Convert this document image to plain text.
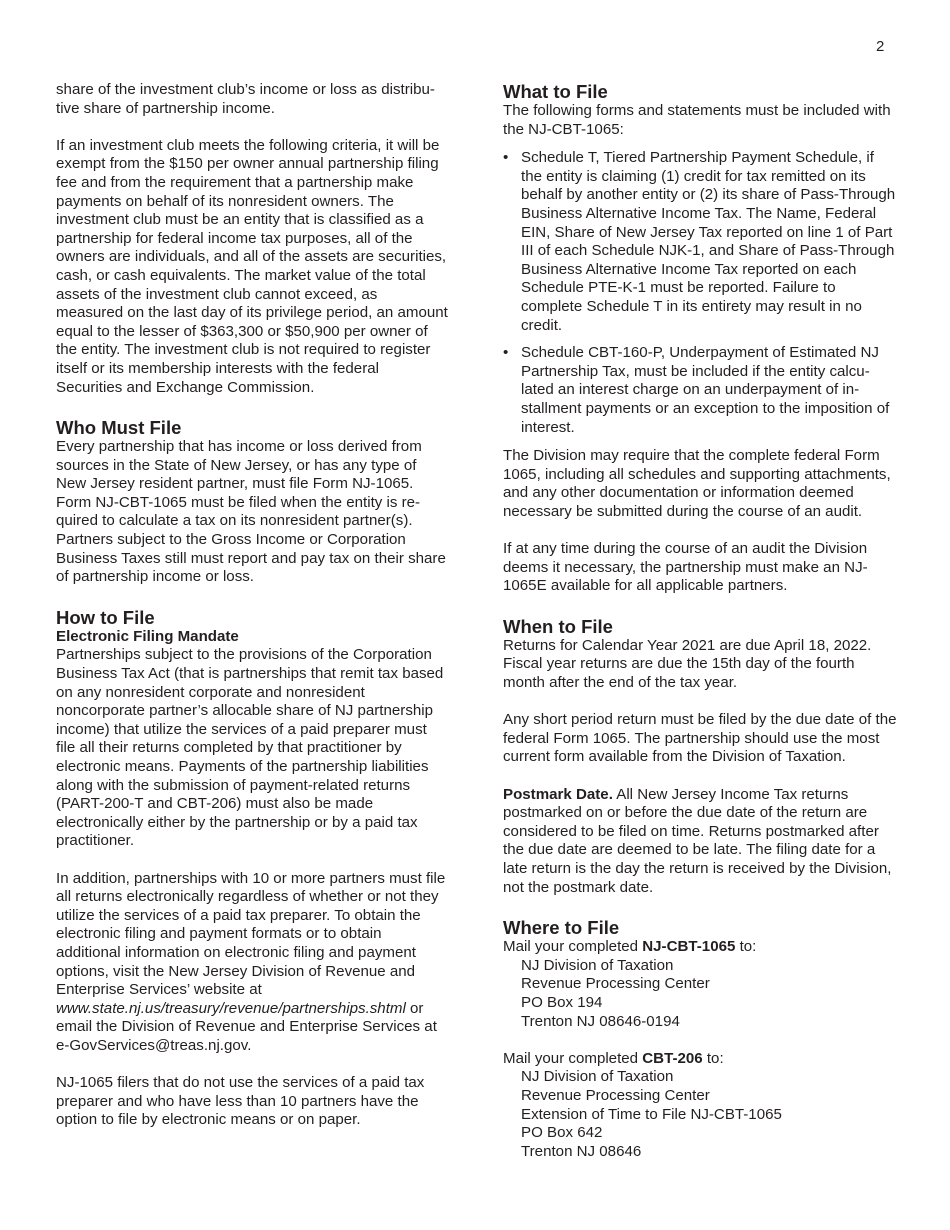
2

share of the investment club’s income or loss as distributive share of partnership income.

If an investment club meets the following criteria, it will be exempt from the $150 per owner annual partnership filing fee and from the requirement that a partnership make payments on behalf of its nonresident owners. The investment club must be an entity that is classified as a partnership for federal income tax purposes, all of the owners are individuals, and all of the assets are securities, cash, or cash equivalents. The market value of the total assets of the investment club cannot exceed, as measured on the last day of its privilege period, an amount equal to the lesser of $363,300 or $50,900 per owner of the entity. The investment club is not required to register itself or its membership interests with the federal Securities and Exchange Commission.

Who Must File

Every partnership that has income or loss derived from sources in the State of New Jersey, or has any type of New Jersey resident partner, must file Form NJ-1065. Form NJ-CBT-1065 must be filed when the entity is required to calculate a tax on its nonresident partner(s). Partners subject to the Gross Income or Corporation Business Taxes still must report and pay tax on their share of partnership income or loss.

How to File
Electronic Filing Mandate

Partnerships subject to the provisions of the Corporation Business Tax Act (that is partnerships that remit tax based on any nonresident corporate and nonresident noncorporate partner’s allocable share of NJ partnership income) that utilize the services of a paid preparer must file all their returns completed by that practitioner by electronic means. Payments of the partnership liabilities along with the submission of payment-related returns (PART-200-T and CBT-206) must also be made electronically either by the partnership or by a paid tax practitioner.

In addition, partnerships with 10 or more partners must file all returns electronically regardless of whether or not they utilize the services of a paid tax preparer. To obtain the electronic filing and payment formats or to obtain additional information on electronic filing and payment options, visit the New Jersey Division of Revenue and Enterprise Services’ website at www.state.nj.us/treasury/revenue/partnerships.shtml or email the Division of Revenue and Enterprise Services at e-GovServices@treas.nj.gov.

NJ-1065 filers that do not use the services of a paid tax preparer and who have less than 10 partners have the option to file by electronic means or on paper.

What to File

The following forms and statements must be included with the NJ-CBT-1065:

• Schedule T, Tiered Partnership Payment Schedule, if the entity is claiming (1) credit for tax remitted on its behalf by another entity or (2) its share of Pass-Through Business Alternative Income Tax. The Name, Federal EIN, Share of New Jersey Tax reported on line 1 of Part III of each Schedule NJK-1, and Share of Pass-Through Business Alternative Income Tax reported on each Schedule PTE-K-1 must be reported. Failure to complete Schedule T in its entirety may result in no credit.
• Schedule CBT-160-P, Underpayment of Estimated NJ Partnership Tax, must be included if the entity calculated an interest charge on an underpayment of installment payments or an exception to the imposition of interest.

The Division may require that the complete federal Form 1065, including all schedules and supporting attachments, and any other documentation or information deemed necessary be submitted during the course of an audit.

If at any time during the course of an audit the Division deems it necessary, the partnership must make an NJ-1065E available for all applicable partners.

When to File

Returns for Calendar Year 2021 are due April 18, 2022. Fiscal year returns are due the 15th day of the fourth month after the end of the tax year.

Any short period return must be filed by the due date of the federal Form 1065. The partnership should use the most current form available from the Division of Taxation.

Postmark Date. All New Jersey Income Tax returns postmarked on or before the due date of the return are considered to be filed on time. Returns postmarked after the due date are deemed to be late. The filing date for a late return is the day the return is received by the Division, not the postmark date.

Where to File

Mail your completed NJ-CBT-1065 to:

NJ Division of Taxation
Revenue Processing Center
PO Box 194
Trenton NJ 08646-0194

Mail your completed CBT-206 to:

NJ Division of Taxation
Revenue Processing Center
Extension of Time to File NJ-CBT-1065
PO Box 642
Trenton NJ 08646
